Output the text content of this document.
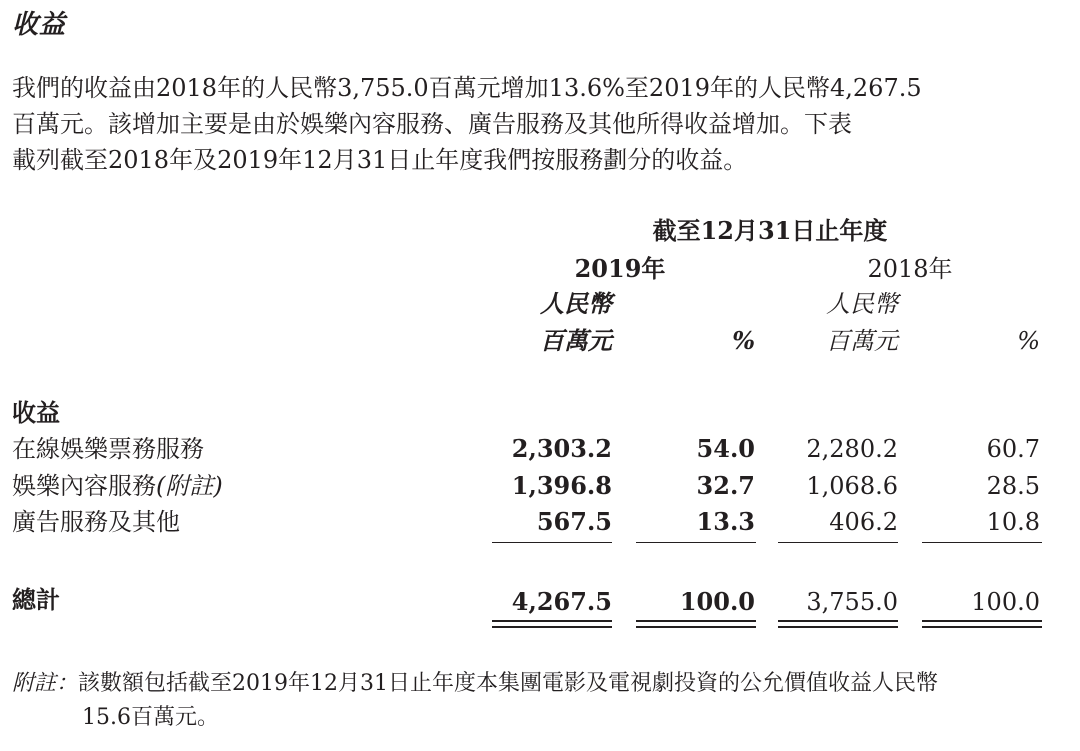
收益
我們的收益由2018年的人民幣3,755.0百萬元增加13.6%至2019年的人民幣4,267.5
百萬元。該增加主要是由於娛樂內容服務、廣告服務及其他所得收益增加。下表
載列截至2018年及2019年12月31日止年度我們按服務劃分的收益。
截至12月31日止年度
2019年	2018年
人民幣
百萬元	%
人民幣
百萬元	%
收益
在線娛樂票務服務	2,303.2	54.0	2,280.2	60.7
娛樂內容服務(附註)	1,396.8	32.7	1,068.6	28.5
廣告服務及其他	567.5	13.3	406.2	10.8
總計	4,267.5	100.0	3,755.0	100.0
附註：該數額包括截至2019年12月31日止年度本集團電影及電視劇投資的公允價值收益人民幣
15.6百萬元。
